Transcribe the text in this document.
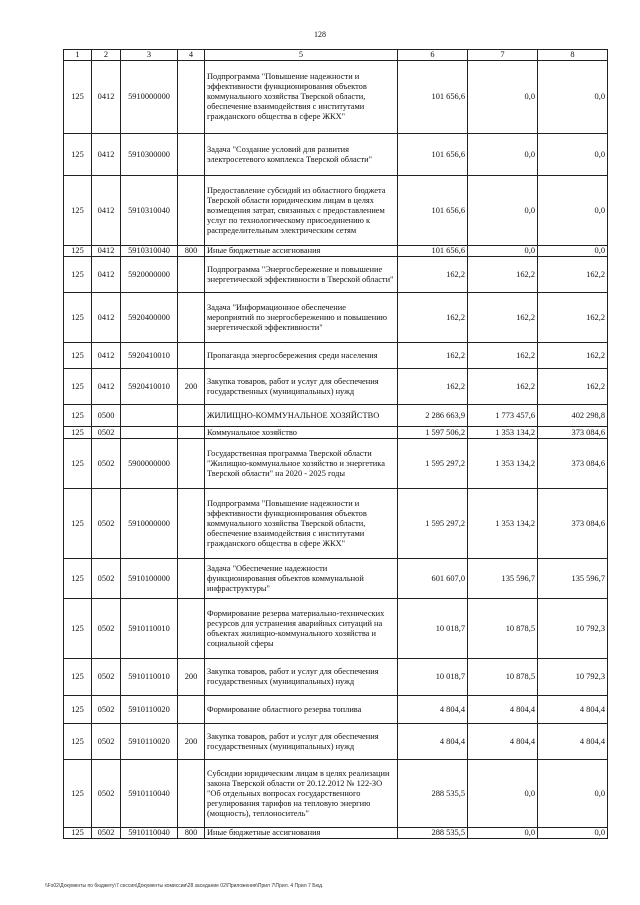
128
1	2	3	4	5	6	7	8
125	0412	5910000000		Подпрограмма "Повышение надежности и эффективности функционирования объектов коммунального хозяйства Тверской области, обеспечение взаимодействия с институтами гражданского общества в сфере ЖКХ"	101 656,6	0,0	0,0
125	0412	5910300000		Задача "Создание условий для развития электросетевого комплекса Тверской области"	101 656,6	0,0	0,0
125	0412	5910310040		Предоставление субсидий из областного бюджета Тверской области юридическим лицам в целях возмещения затрат, связанных с предоставлением услуг по технологическому присоединению к распределительным электрическим сетям	101 656,6	0,0	0,0
125	0412	5910310040	800	Иные бюджетные ассигнования	101 656,6	0,0	0,0
125	0412	5920000000		Подпрограмма "Энергосбережение и повышение энергетической эффективности в Тверской области"	162,2	162,2	162,2
125	0412	5920400000		Задача "Информационное обеспечение мероприятий по энергосбережению и повышению энергетической эффективности"	162,2	162,2	162,2
125	0412	5920410010		Пропаганда энергосбережения среди населения	162,2	162,2	162,2
125	0412	5920410010	200	Закупка товаров, работ и услуг для обеспечения государственных (муниципальных) нужд	162,2	162,2	162,2
125	0500			ЖИЛИЩНО-КОММУНАЛЬНОЕ ХОЗЯЙСТВО	2 286 663,9	1 773 457,6	402 298,8
125	0502			Коммунальное хозяйство	1 597 506,2	1 353 134,2	373 084,6
125	0502	5900000000		Государственная программа Тверской области "Жилищно-коммунальное хозяйство и энергетика Тверской области" на 2020 - 2025 годы	1 595 297,2	1 353 134,2	373 084,6
125	0502	5910000000		Подпрограмма "Повышение надежности и эффективности функционирования объектов коммунального хозяйства Тверской области, обеспечение взаимодействия с институтами гражданского общества в сфере ЖКХ"	1 595 297,2	1 353 134,2	373 084,6
125	0502	5910100000		Задача "Обеспечение надежности функционирования объектов коммунальной инфраструктуры"	601 607,0	135 596,7	135 596,7
125	0502	5910110010		Формирование резерва материально-технических ресурсов для устранения аварийных ситуаций на объектах жилищно-коммунального хозяйства и социальной сферы	10 018,7	10 878,5	10 792,3
125	0502	5910110010	200	Закупка товаров, работ и услуг для обеспечения государственных (муниципальных) нужд	10 018,7	10 878,5	10 792,3
125	0502	5910110020		Формирование областного резерва топлива	4 804,4	4 804,4	4 804,4
125	0502	5910110020	200	Закупка товаров, работ и услуг для обеспечения государственных (муниципальных) нужд	4 804,4	4 804,4	4 804,4
125	0502	5910110040		Субсидии юридическим лицам в целях реализации закона Тверской области от 20.12.2012 № 122-ЗО "Об отдельных вопросах государственного регулирования тарифов на тепловую энергию (мощность), теплоноситель"	288 535,5	0,0	0,0
125	0502	5910110040	800	Иные бюджетные ассигнования	288 535,5	0,0	0,0
\\Fs02\Документы по бюджету\7 сессия\Документы комиссии\28 заседание 02\Приложения\Прил 7\Прил. 4 Прил 7 Бюд.
